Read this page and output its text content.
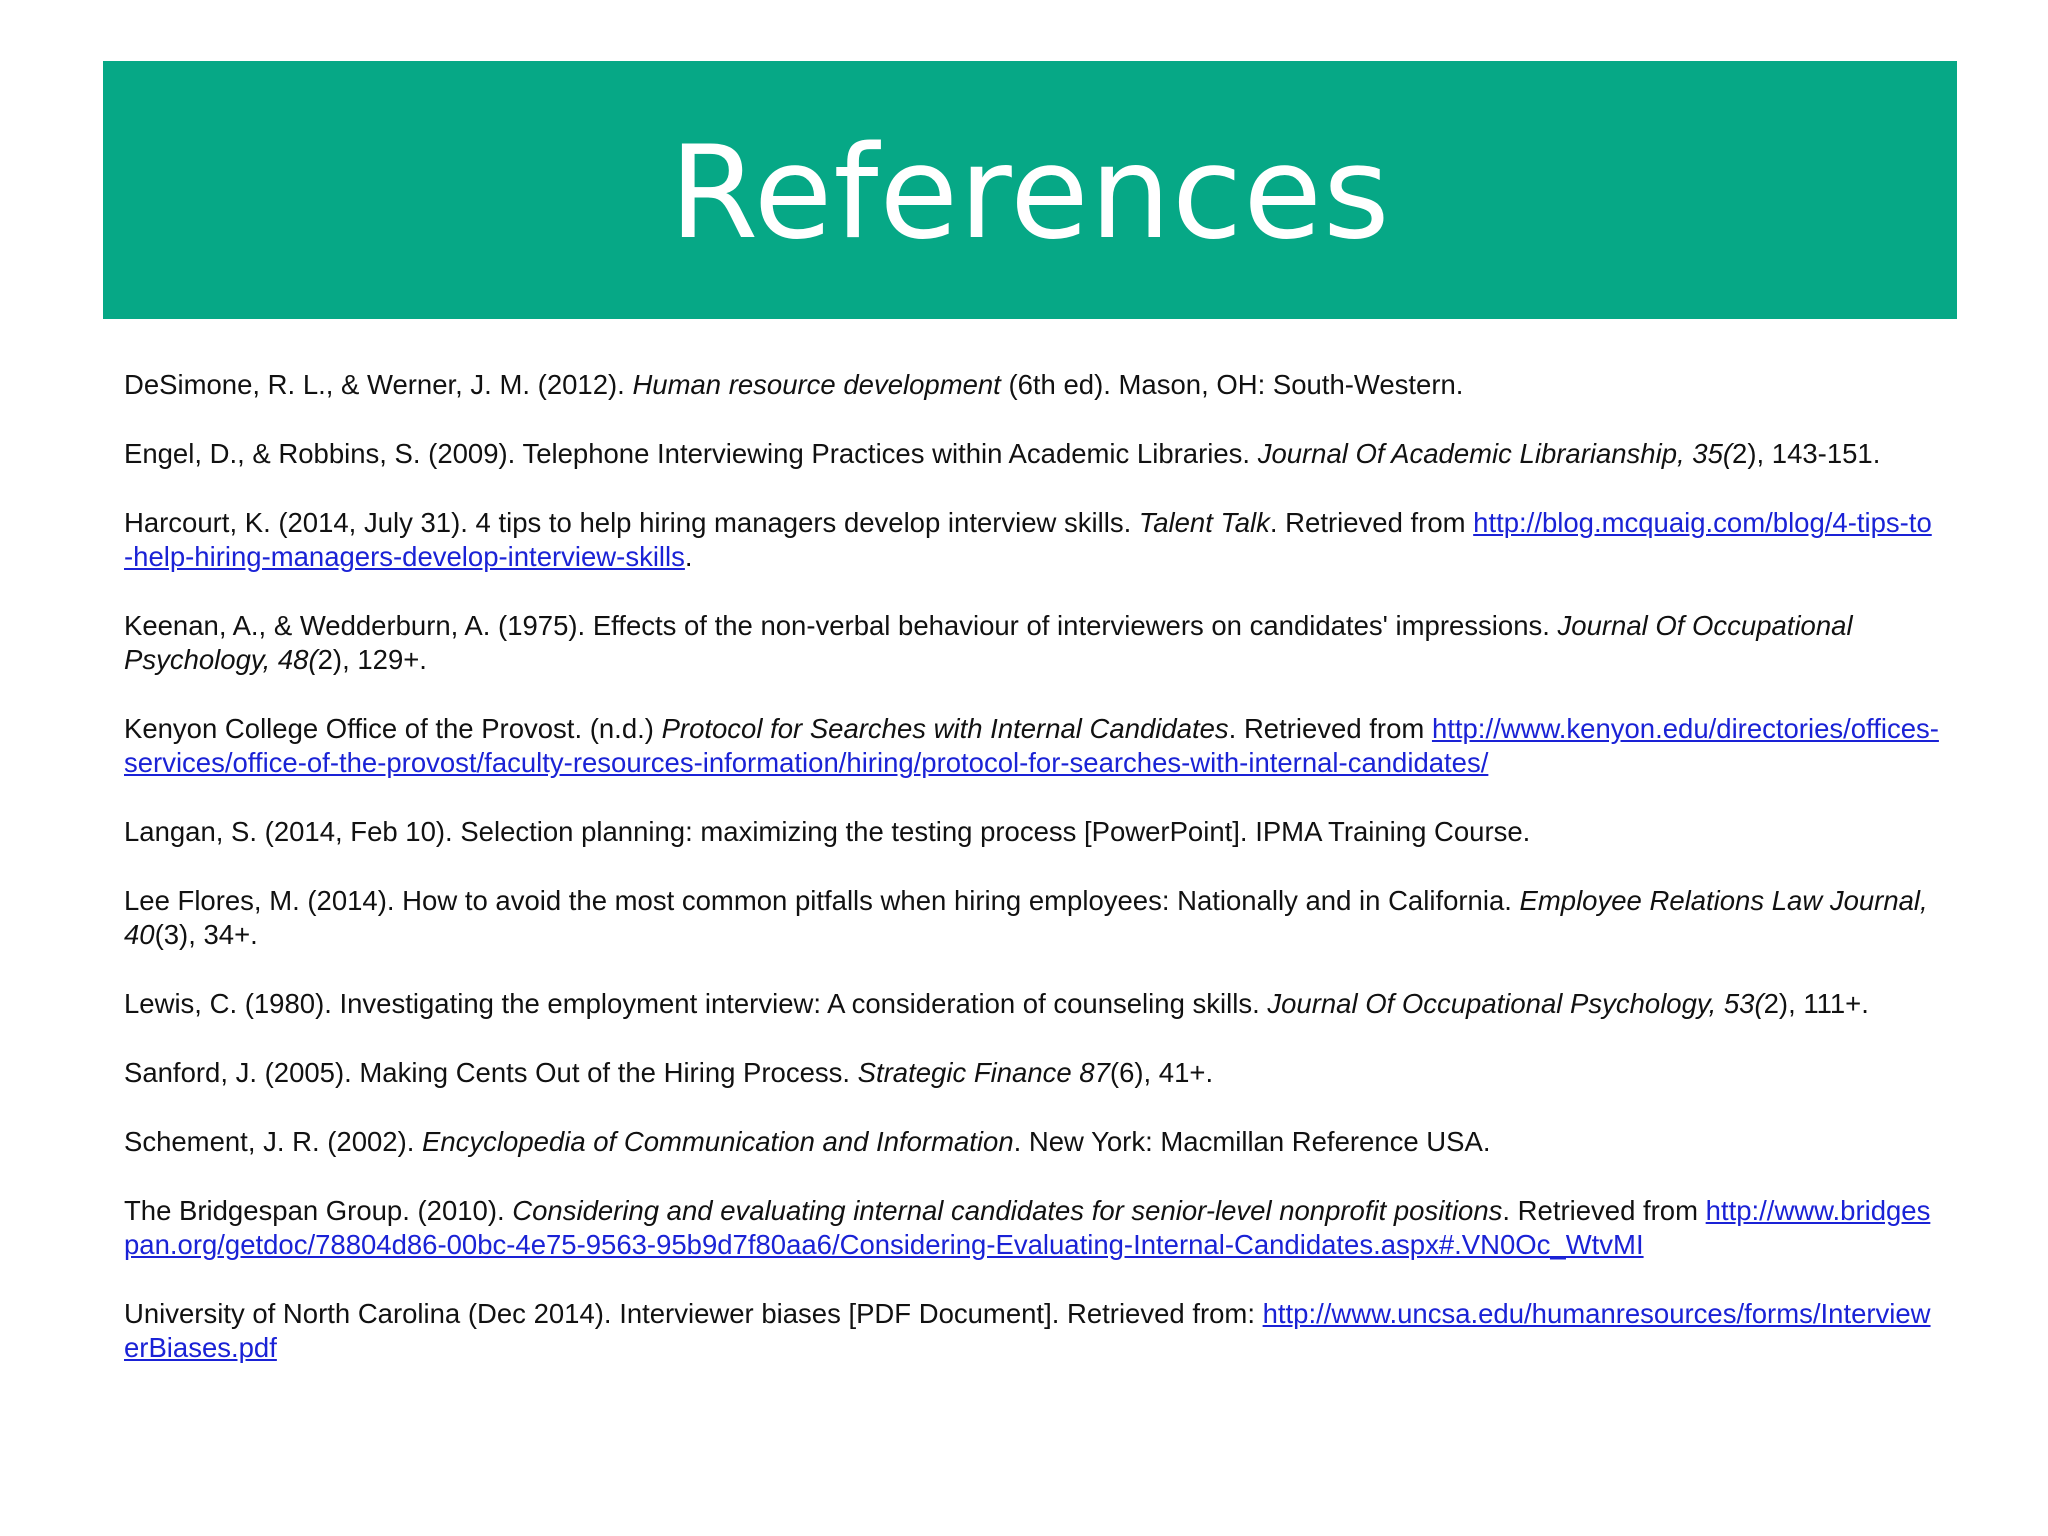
References

DeSimone, R. L., & Werner, J. M. (2012). Human resource development (6th ed). Mason, OH: South-Western.

Engel, D., & Robbins, S. (2009). Telephone Interviewing Practices within Academic Libraries. Journal Of Academic Librarianship, 35(2), 143-151.

Harcourt, K. (2014, July 31). 4 tips to help hiring managers develop interview skills. Talent Talk. Retrieved from http://blog.mcquaig.com/blog/4-tips-to-help-hiring-managers-develop-interview-skills.

Keenan, A., & Wedderburn, A. (1975). Effects of the non-verbal behaviour of interviewers on candidates' impressions. Journal Of Occupational Psychology, 48(2), 129+.

Kenyon College Office of the Provost. (n.d.) Protocol for Searches with Internal Candidates. Retrieved from http://www.kenyon.edu/directories/offices-services/office-of-the-provost/faculty-resources-information/hiring/protocol-for-searches-with-internal-candidates/

Langan, S. (2014, Feb 10). Selection planning: maximizing the testing process [PowerPoint]. IPMA Training Course.

Lee Flores, M. (2014). How to avoid the most common pitfalls when hiring employees: Nationally and in California. Employee Relations Law Journal, 40(3), 34+.

Lewis, C. (1980). Investigating the employment interview: A consideration of counseling skills. Journal Of Occupational Psychology, 53(2), 111+.

Sanford, J. (2005). Making Cents Out of the Hiring Process. Strategic Finance 87(6), 41+.

Schement, J. R. (2002). Encyclopedia of Communication and Information. New York: Macmillan Reference USA.

The Bridgespan Group. (2010). Considering and evaluating internal candidates for senior-level nonprofit positions. Retrieved from http://www.bridgespan.org/getdoc/78804d86-00bc-4e75-9563-95b9d7f80aa6/Considering-Evaluating-Internal-Candidates.aspx#.VN0Oc_WtvMI

University of North Carolina (Dec 2014). Interviewer biases [PDF Document]. Retrieved from: http://www.uncsa.edu/humanresources/forms/InterviewerBiases.pdf
